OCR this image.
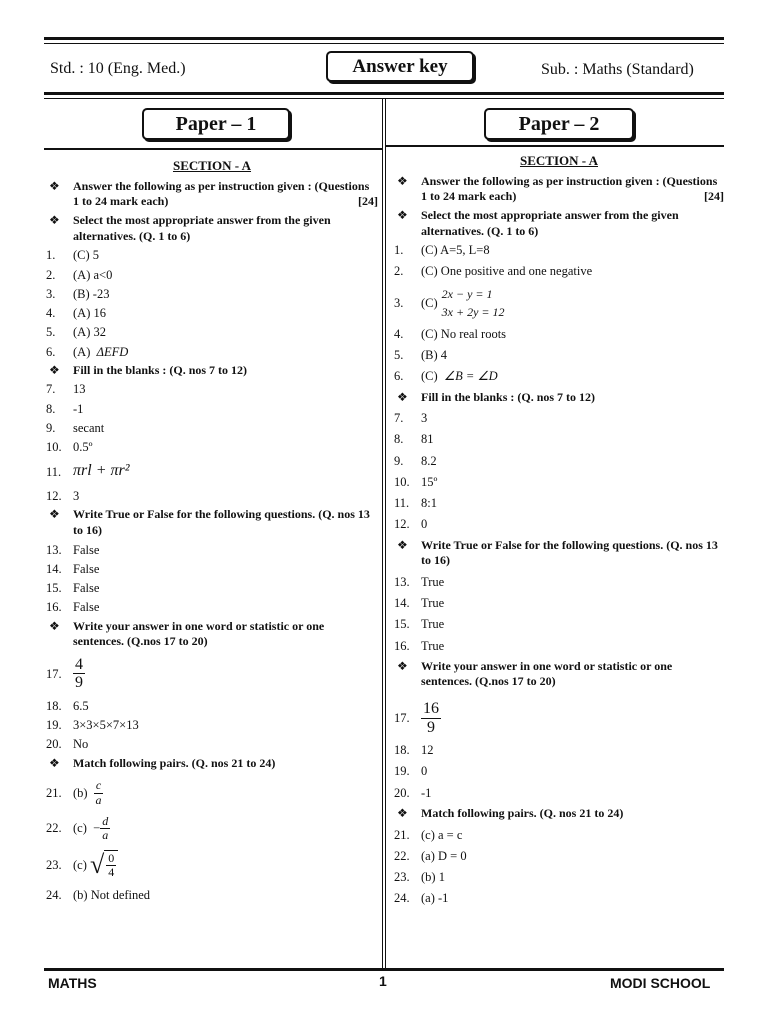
Std. : 10 (Eng. Med.)	Answer key	Sub. : Maths (Standard)
Paper – 1	Paper – 2
SECTION - A
❖ Answer the following as per instruction given : (Questions 1 to 24 mark each)	[24]
❖ Select the most appropriate answer from the given alternatives. (Q. 1 to 6)
1.	(C) 5
2.	(A) a<0
3.	(B) -23
4.	(A) 16
5.	(A) 32
6.	(A)
ΔEFD
❖ Fill in the blanks : (Q. nos 7 to 12)
7.	13
8.	-1
9.	secant
10. 0.5º
11. πrl + πr²
12. 3
❖ Write True or False for the following questions. (Q. nos 13 to 16)
13. False
14. False
15. False
16. False
❖ Write your answer in one word or statistic or one sentences. (Q.nos 17 to 20)
17. $\frac{4}{9}$
18. 6.5
19. 3×3×5×7×13
20. No
❖ Match following pairs. (Q. nos 21 to 24)
21. (b)
$\frac{c}{a}$
22. (c)
− $\frac{d}{a}$
23. (c)
√ $\frac{0}{4}$
24. (b) Not defined
SECTION - A
❖ Answer the following as per instruction given : (Questions 1 to 24 mark each)	[24]
❖ Select the most appropriate answer from the given alternatives. (Q. 1 to 6)
1.	(C) A=5, L=8
2.	(C) One positive and one negative
3.	(C)
2x − y = 1
3x + 2y = 12
4.	(C) No real roots
5.	(B) 4
6.	(C)
∠B = ∠D
❖ Fill in the blanks : (Q. nos 7 to 12)
7.	3
8.	81
9.	8.2
10. 15º
11. 8:1
12. 0
❖ Write True or False for the following questions. (Q. nos 13 to 16)
13. True
14. True
15. True
16. True
❖ Write your answer in one word or statistic or one sentences. (Q.nos 17 to 20)
17. $\frac{16}{9}$
18. 12
19. 0
20. -1
❖ Match following pairs. (Q. nos 21 to 24)
21. (c) a = c
22. (a) D = 0
23. (b) 1
24. (a) -1
MATHS	1	MODI SCHOOL
